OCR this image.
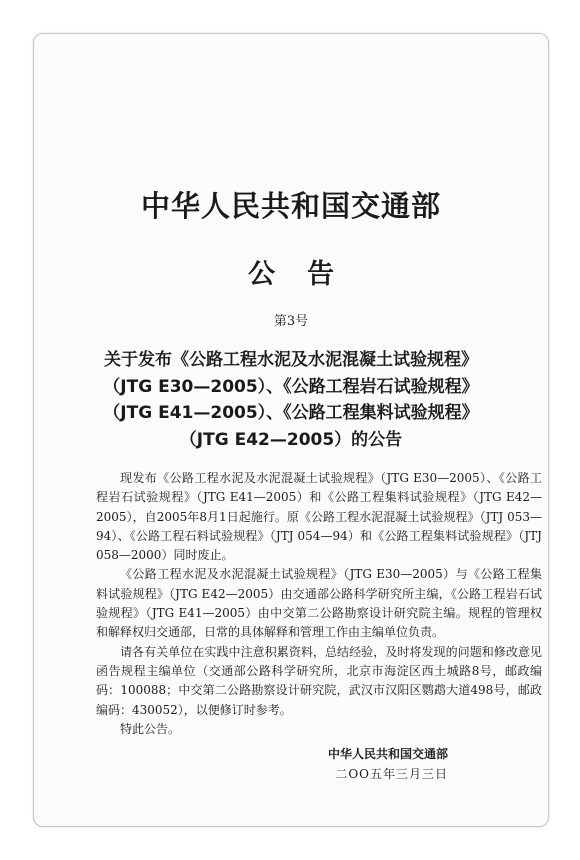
中华人民共和国交通部
公告
第3号
关于发布《公路工程水泥及水泥混凝土试验规程》
（JTG E30—2005）、《公路工程岩石试验规程》
（JTG E41—2005）、《公路工程集料试验规程》
（JTG E42—2005）的公告

现发布《公路工程水泥及水泥混凝土试验规程》（JTG E30—2005）、《公路工程岩石试验规程》（JTG E41—2005）和《公路工程集料试验规程》（JTG E42—2005），自2005年8月1日起施行。原《公路工程水泥混凝土试验规程》（JTJ 053—94）、《公路工程石料试验规程》（JTJ 054—94）和《公路工程集料试验规程》（JTJ 058—2000）同时废止。

《公路工程水泥及水泥混凝土试验规程》（JTG E30—2005）与《公路工程集料试验规程》（JTG E42—2005）由交通部公路科学研究所主编，《公路工程岩石试验规程》（JTG E41—2005）由中交第二公路勘察设计研究院主编。规程的管理权和解释权归交通部，日常的具体解释和管理工作由主编单位负责。

请各有关单位在实践中注意积累资料，总结经验，及时将发现的问题和修改意见函告规程主编单位（交通部公路科学研究所，北京市海淀区西土城路8号，邮政编码：100088；中交第二公路勘察设计研究院，武汉市汉阳区鹦鹉大道498号，邮政编码：430052），以便修订时参考。

特此公告。

中华人民共和国交通部
二OO五年三月三日
